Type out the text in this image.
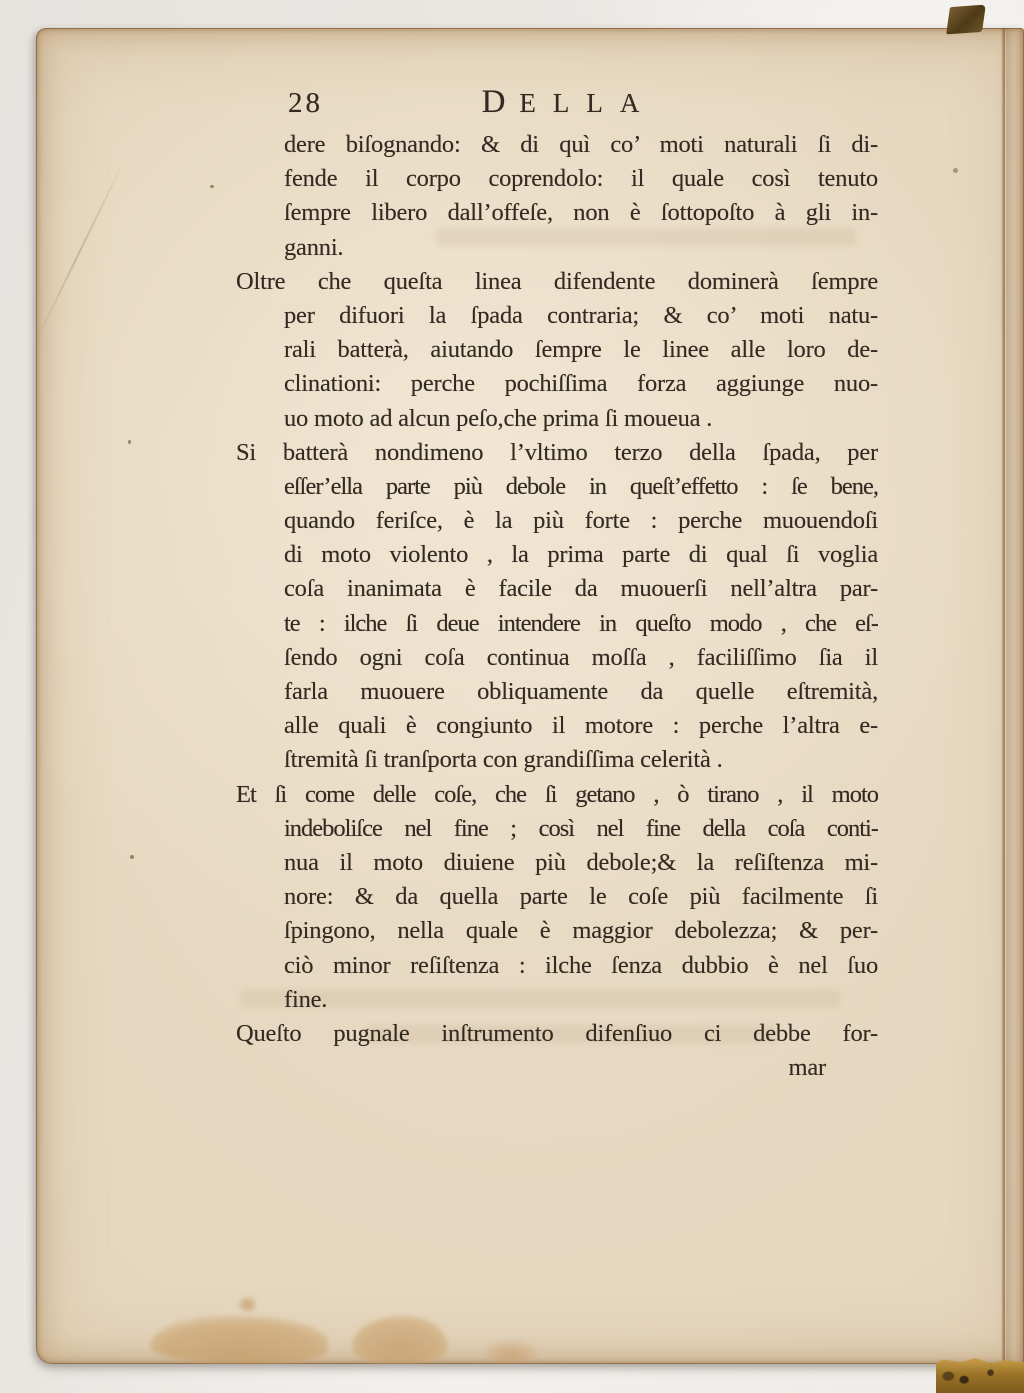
28	DELLA
dere biſognando: & di quì co’ moti naturali ſi di-
fende il corpo coprendolo: il quale così tenuto
ſempre libero dall’offeſe, non è ſottopoſto à gli in-
ganni.
Oltre che queſta linea difendente dominerà ſempre
per difuori la ſpada contraria; & co’ moti natu-
rali batterà, aiutando ſempre le linee alle loro de-
clinationi: perche pochiſſima forza aggiunge nuo-
uo moto ad alcun peſo,che prima ſi moueua .
Si batterà nondimeno l’vltimo terzo della ſpada, per
eſſer’ella parte più debole in queſt’effetto : ſe bene,
quando feriſce, è la più forte : perche muouendoſi
di moto violento , la prima parte di qual ſi voglia
coſa inanimata è facile da muouerſi nell’altra par-
te : ilche ſi deue intendere in queſto modo , che eſ-
ſendo ogni coſa continua moſſa , faciliſſimo ſia il
farla muouere obliquamente da quelle eſtremità,
alle quali è congiunto il motore : perche l’altra e-
ſtremità ſi tranſporta con grandiſſima celerità .
Et ſi come delle coſe, che ſi getano , ò tirano , il moto
indeboliſce nel fine ; così nel fine della coſa conti-
nua il moto diuiene più debole;& la reſiſtenza mi-
nore: & da quella parte le coſe più facilmente ſi
ſpingono, nella quale è maggior debolezza; & per-
ciò minor reſiſtenza : ilche ſenza dubbio è nel ſuo
fine.
Queſto pugnale inſtrumento difenſiuo ci debbe for-
mar
